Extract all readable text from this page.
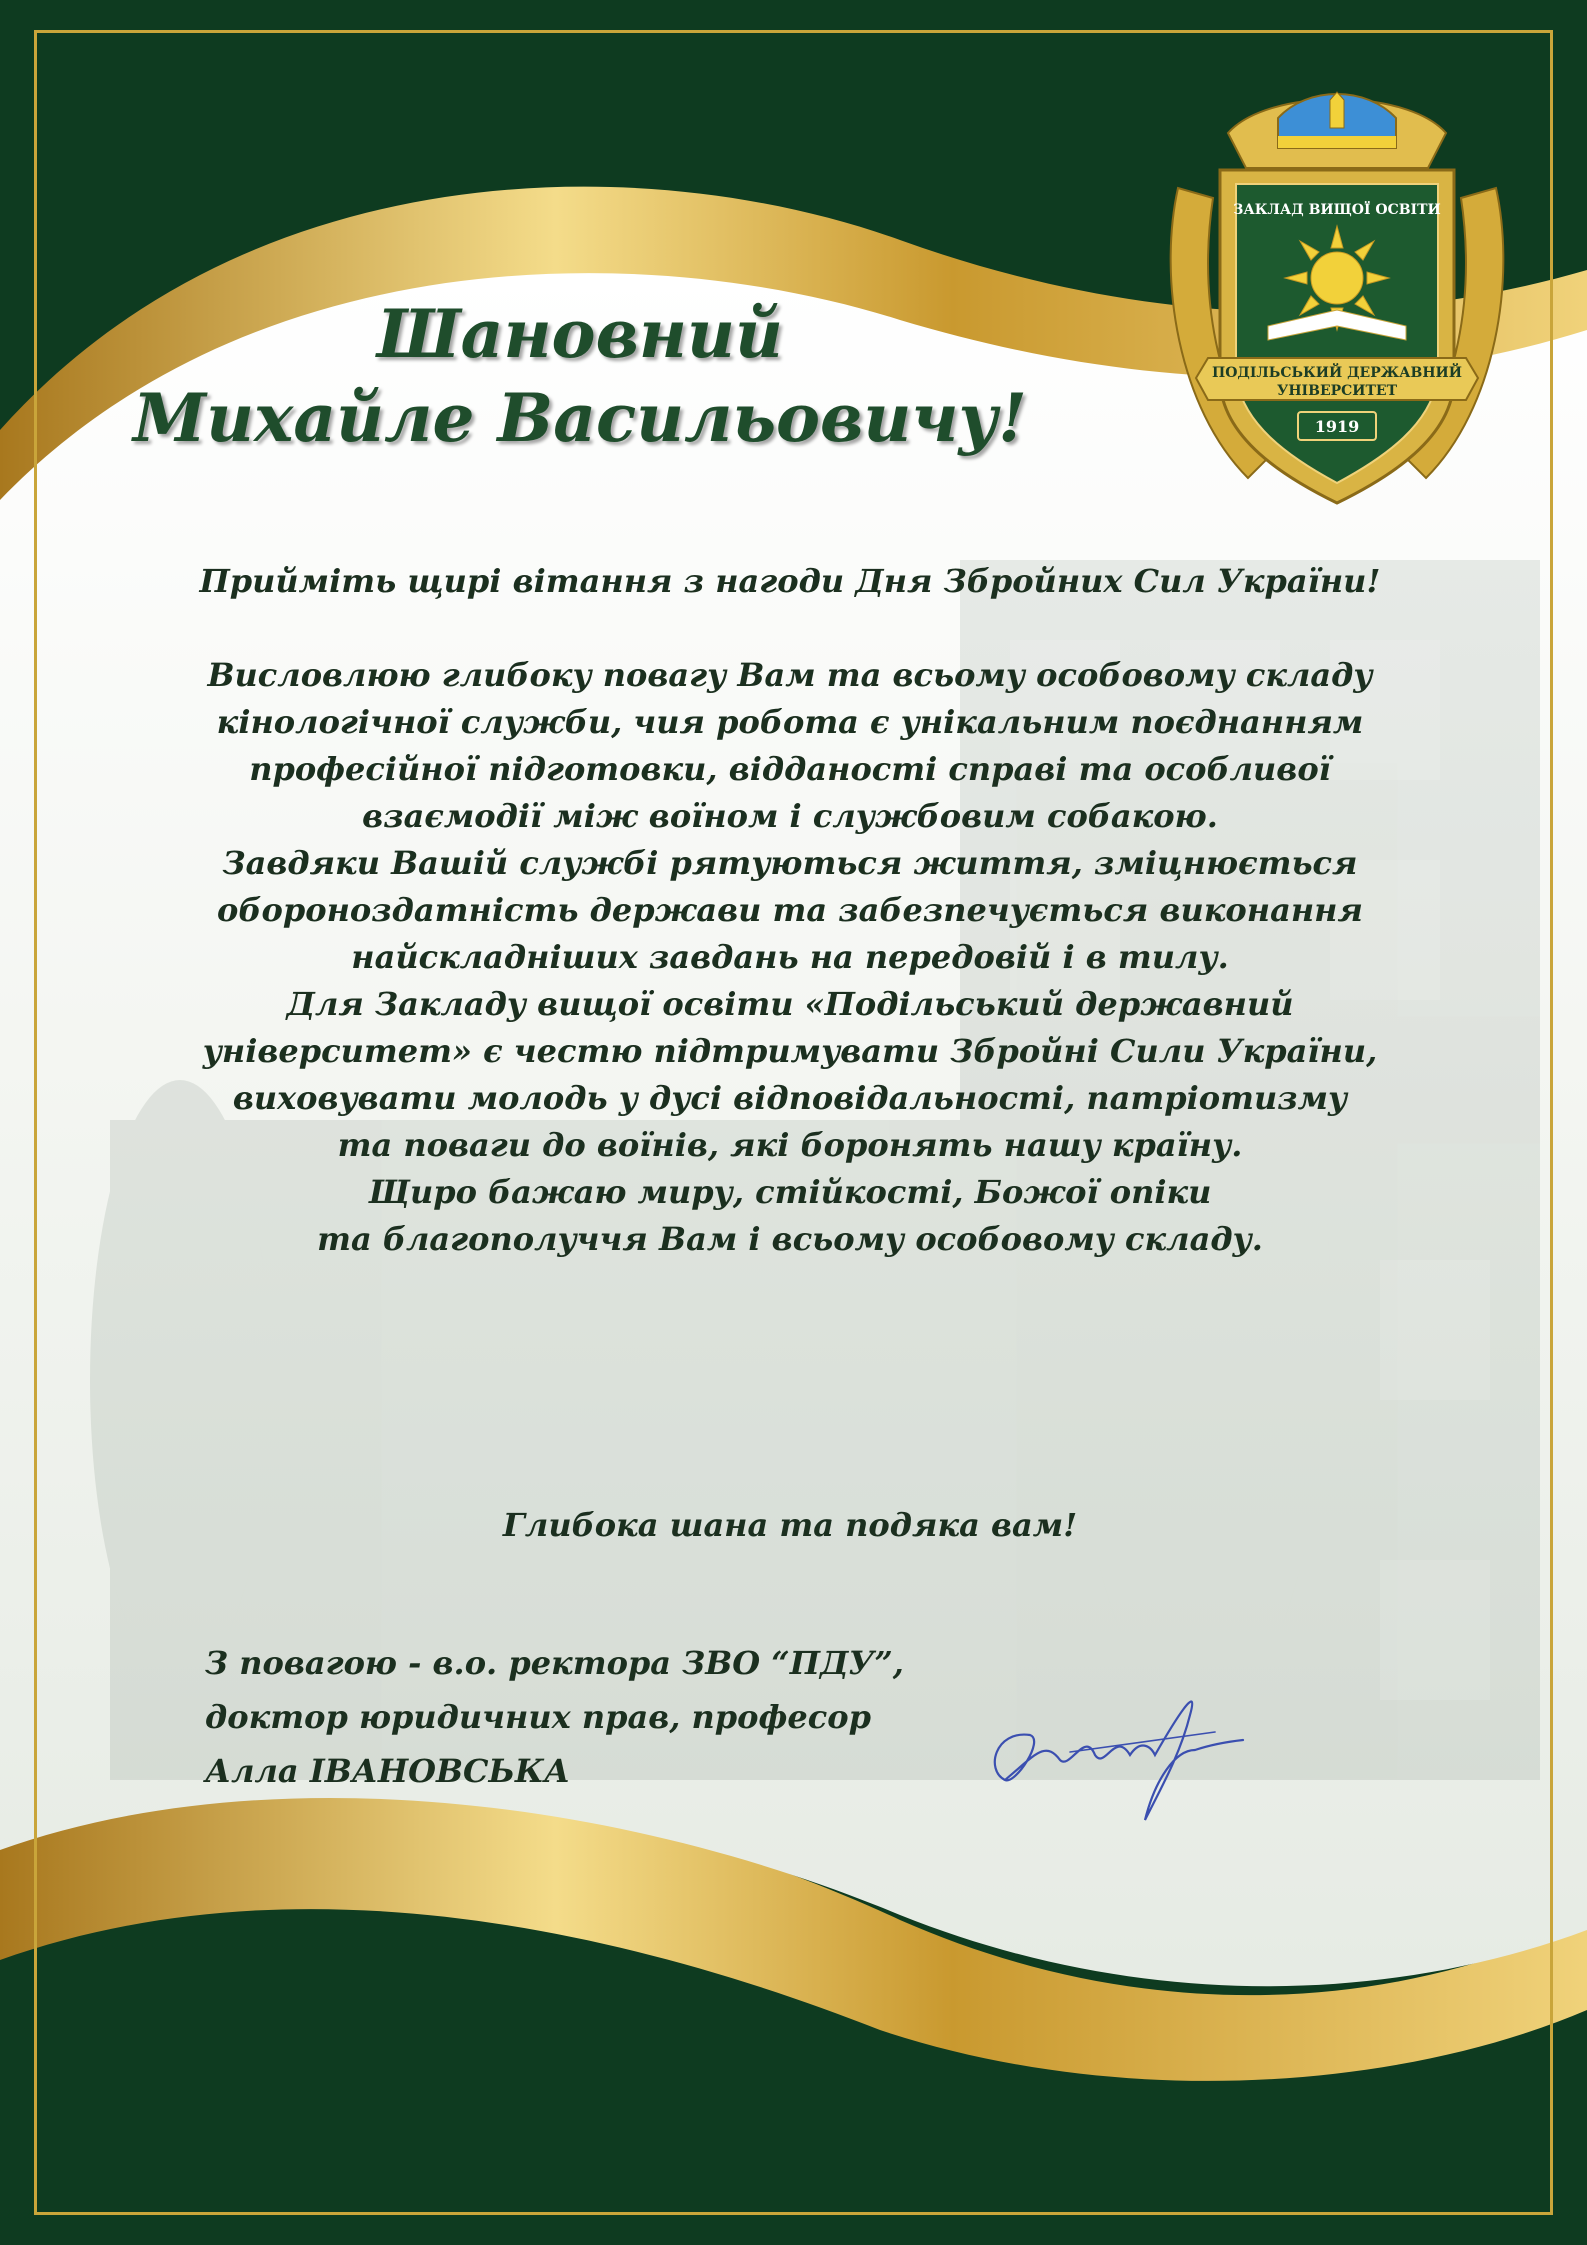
ЗАКЛАД ВИЩОЇ ОСВІТИ
ПОДІЛЬСЬКИЙ ДЕРЖАВНИЙ
УНІВЕРСИТЕТ
1919
Шановний
Михайле Васильовичу!
Прийміть щирі вітання з нагоди Дня Збройних Сил України!
Висловлюю глибоку повагу Вам та всьому особовому складу
кінологічної служби, чия робота є унікальним поєднанням
професійної підготовки, відданості справі та особливої
взаємодії між воїном і службовим собакою.
Завдяки Вашій службі рятуються життя, зміцнюється
обороноздатність держави та забезпечується виконання
найскладніших завдань на передовій і в тилу.
Для Закладу вищої освіти «Подільський державний
університет» є честю підтримувати Збройні Сили України,
виховувати молодь у дусі відповідальності, патріотизму
та поваги до воїнів, які боронять нашу країну.
Щиро бажаю миру, стійкості, Божої опіки
та благополуччя Вам і всьому особовому складу.
Глибока шана та подяка вам!
З повагою - в.о. ректора ЗВО “ПДУ”,
доктор юридичних прав, професор
Алла ІВАНОВСЬКА
